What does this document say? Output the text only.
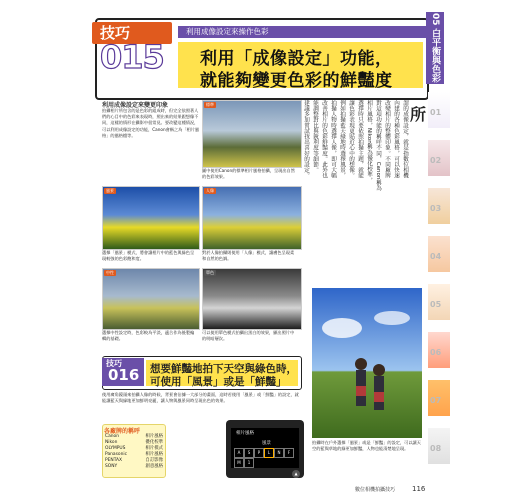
技巧
015
利用成像設定來操作色彩
利用「成像設定」功能，
就能夠變更色彩的鮮豔度
05 白平衡與色彩
01
02
03
04
05
06
07
08
所
謂的成像設定，就是指數位相機
內建的各種色彩風格，可以快速
改變相片的整體印象。不同廠牌
對這項功能的稱呼不同，Canon稱為
相片風格，Nikon稱為優化校準，
選擇時只要依照拍攝主題，就能
讓色彩表現更貼近心中的想像。
例如拍攝藍天綠地時選擇風景，
拍攝人物時選擇人像，即可大幅
改善相片的色彩鮮豔度。此外也
能調整對比與銳利度等細節。
建議多加嘗試找出喜好的設定。
利用成像設定來變更印象
拍攝相片所包含的是色彩的組成時，但完全依照著人們的心目中的色彩來表現時，照出來的結果跟想像不同，這樣的情形在攝影中很常見。要改變這種情況，可以利用成像設定的功能，Canon會稱之為「相片風格」的風格檔等。
標準
圖中使用Canon的標準相片風格拍攝，呈現出自然的色彩效果。
風景
選擇「風景」模式，將會讓相片中的藍色與綠色呈現較強的色彩飽和度。
人像
對於人像拍攝則使用「人像」模式，讓膚色呈現柔和自然的色調。
中性
選擇中性設定時，色彩較為平淡，適合作為後製編輯的基礎。
單色
可以使用單色模式拍攝出黑白的效果，顯出照片中的明暗層次。
技巧
016 想要鮮豔地拍下天空與綠色時，
可使用「風景」或是「鮮豔」
使用廣角鏡頭來拍攝人像的時候，背景會佔據一大部分的畫面，這時若使用「風景」或「鮮豔」的設定，就能讓藍天與綠地更加鮮明亮麗，讓人物與風景同時呈現出色的效果。
各廠牌的稱呼
Canon	相片風格
Nikon	優化校準
OLYMPUS	相片模式
Panasonic	相片風格
PENTAX	自訂影像
SONY	創意風格
相片風格
風景
A	S	P	L	N	F
M	1
▲
拍攝時在戶外選擇「風景」或是「鮮豔」的設定，可以讓天空的藍與草地的綠更加鮮豔，人物也能清楚地呈現。
數位相機拍攝技巧 116
